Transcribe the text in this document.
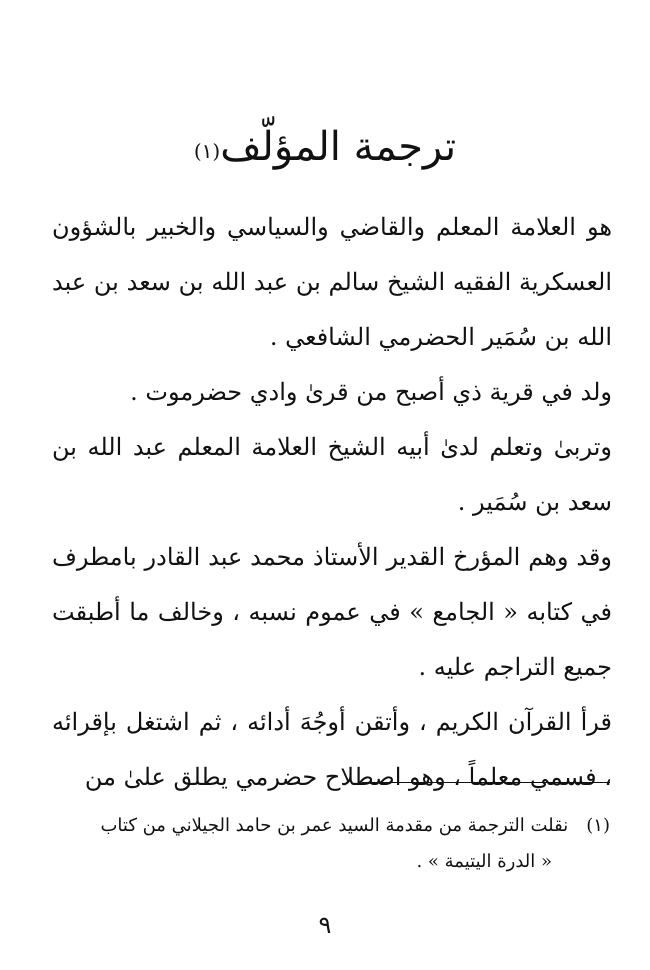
ترجمة المؤلّف$^{(١)}$

هو العلامة المعلم والقاضي والسياسي والخبير بالشؤون العسكرية الفقيه الشيخ سالم بن عبد الله بن سعد بن عبد الله بن سُمَير الحضرمي الشافعي .

ولد في قرية ذي أصبح من قرىٰ وادي حضرموت .

وتربىٰ وتعلم لدىٰ أبيه الشيخ العلامة المعلم عبد الله بن سعد بن سُمَير .

وقد وهم المؤرخ القدير الأستاذ محمد عبد القادر بامطرف في كتابه « الجامع » في عموم نسبه ، وخالف ما أطبقت جميع التراجم عليه .

قرأ القرآن الكريم ، وأتقن أوجُهَ أدائه ، ثم اشتغل بإقرائه ، فسمي معلماً ، وهو اصطلاح حضرمي يطلق علىٰ من

(١)نقلت الترجمة من مقدمة السيد عمر بن حامد الجيلاني من كتاب
« الدرة اليتيمة » .
٩
